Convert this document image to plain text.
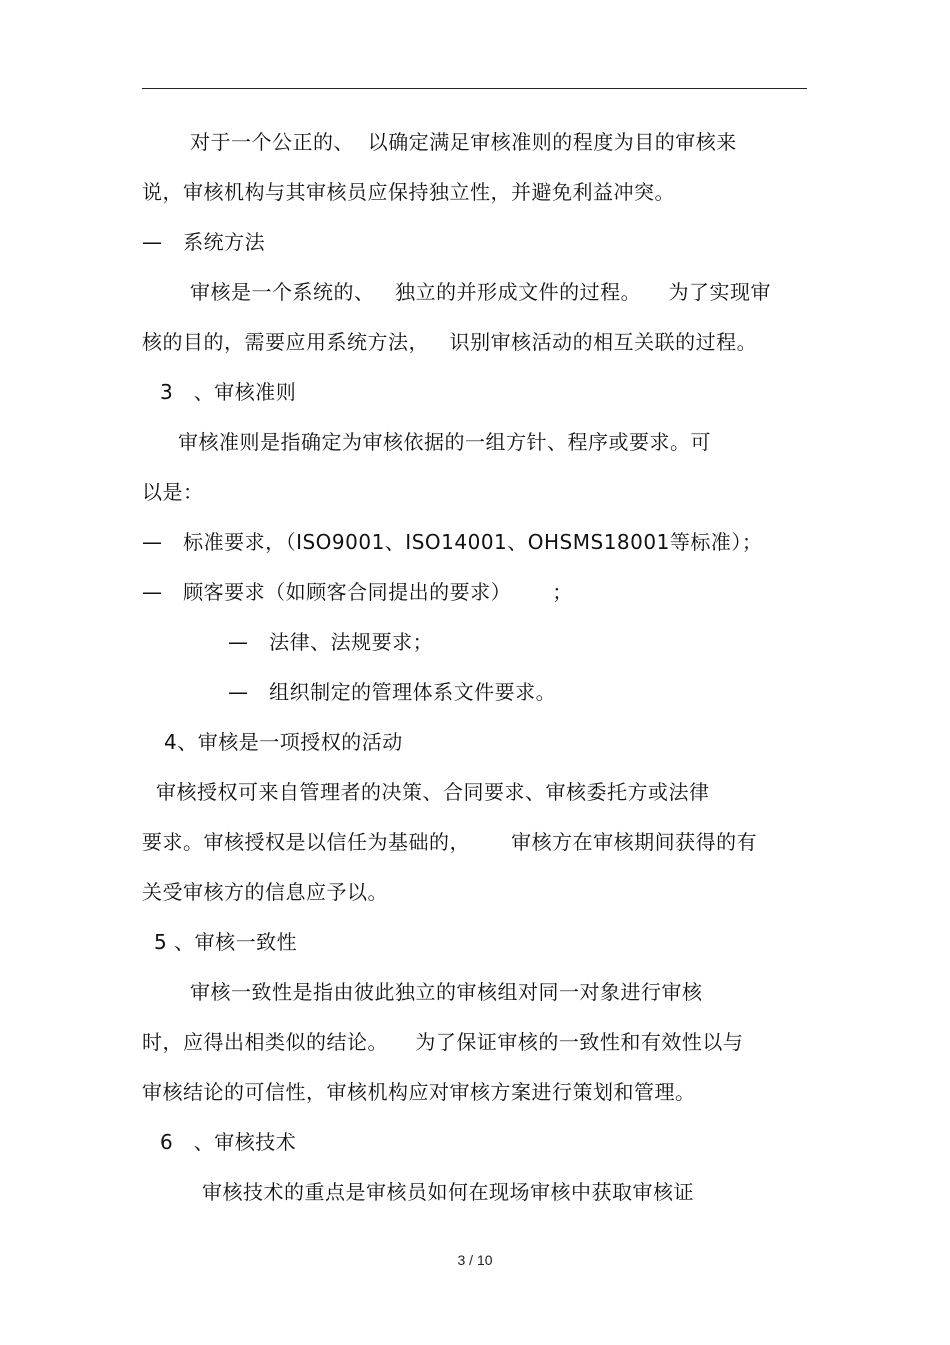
对于一个公正的、  以确定满足审核准则的程度为目的审核来
说，审核机构与其审核员应保持独立性，并避免利益冲突。
—   系统方法
审核是一个系统的、   独立的并形成文件的过程。    为了实现审
核的目的，需要应用系统方法，   识别审核活动的相互关联的过程。
3   、审核准则
审核准则是指确定为审核依据的一组方针、程序或要求。可
以是：
—   标准要求，（ISO9001、ISO14001、OHSMS18001等标准）；
—   顾客要求（如顾客合同提出的要求）      ；
—   法律、法规要求；
—   组织制定的管理体系文件要求。
4、审核是一项授权的活动
审核授权可来自管理者的决策、合同要求、审核委托方或法律
要求。审核授权是以信任为基础的，      审核方在审核期间获得的有
关受审核方的信息应予以。
5 、审核一致性
审核一致性是指由彼此独立的审核组对同一对象进行审核
时，应得出相类似的结论。    为了保证审核的一致性和有效性以与
审核结论的可信性，审核机构应对审核方案进行策划和管理。
6   、审核技术
审核技术的重点是审核员如何在现场审核中获取审核证
3 / 10
